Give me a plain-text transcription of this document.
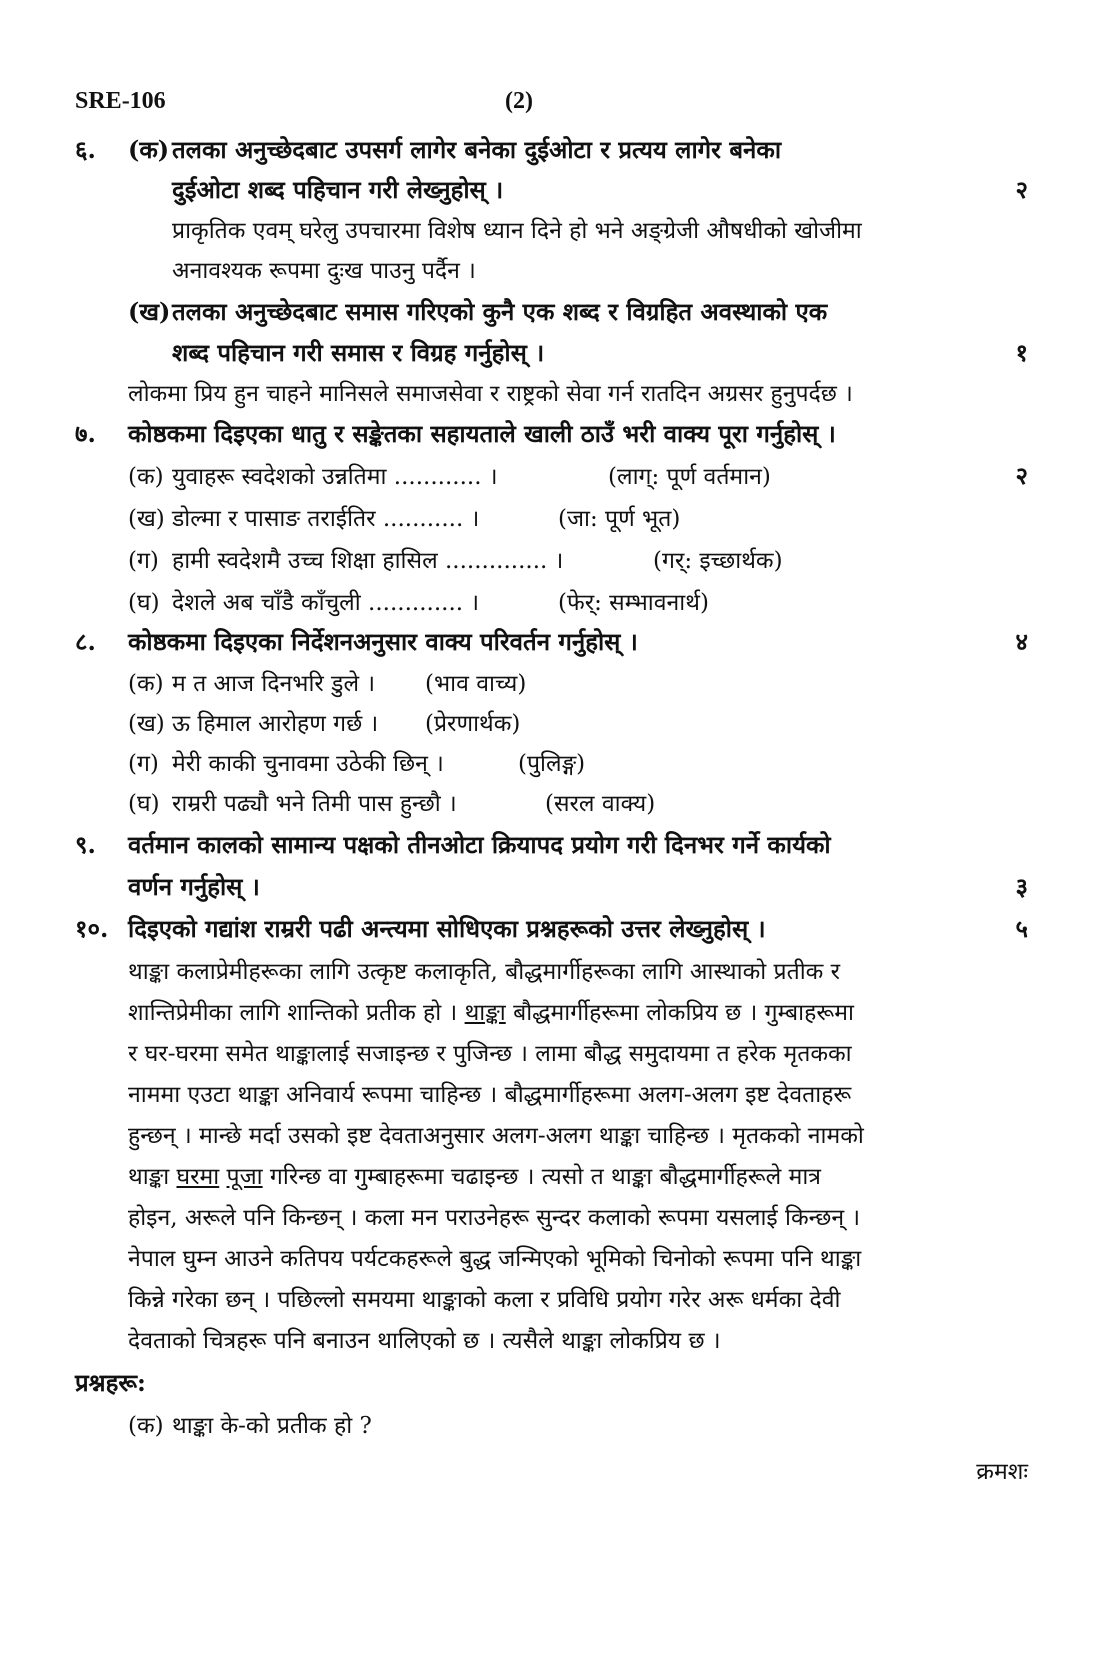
SRE-106	(2)
६. (क) तलका अनुच्छेदबाट उपसर्ग लागेर बनेका दुईओटा र प्रत्यय लागेर बनेका
दुईओटा शब्द पहिचान गरी लेख्नुहोस् ।	२
प्राकृतिक एवम् घरेलु उपचारमा विशेष ध्यान दिने हो भने अङ्ग्रेजी औषधीको खोजीमा
अनावश्यक रूपमा दुःख पाउनु पर्दैन ।
(ख) तलका अनुच्छेदबाट समास गरिएको कुनै एक शब्द र विग्रहित अवस्थाको एक
शब्द पहिचान गरी समास र विग्रह गर्नुहोस् ।	१
लोकमा प्रिय हुन चाहने मानिसले समाजसेवा र राष्ट्रको सेवा गर्न रातदिन अग्रसर हुनुपर्दछ ।
७. कोष्ठकमा दिइएका धातु र सङ्केतका सहायताले खाली ठाउँ भरी वाक्य पूरा गर्नुहोस् ।
(क) युवाहरू स्वदेशको उन्नतिमा ............ ।	(लाग्: पूर्ण वर्तमान)	२
(ख) डोल्मा र पासाङ तराईतिर ........... ।	(जा: पूर्ण भूत)
(ग) हामी स्वदेशमै उच्च शिक्षा हासिल .............. ।	(गर्: इच्छार्थक)
(घ) देशले अब चाँडै काँचुली ............. ।	(फेर्: सम्भावनार्थ)
८. कोष्ठकमा दिइएका निर्देशनअनुसार वाक्य परिवर्तन गर्नुहोस् ।	४
(क) म त आज दिनभरि डुले । (भाव वाच्य)
(ख) ऊ हिमाल आरोहण गर्छ । (प्रेरणार्थक)
(ग) मेरी काकी चुनावमा उठेकी छिन् ।	(पुलिङ्ग)
(घ) राम्ररी पढ्यौ भने तिमी पास हुन्छौ ।	(सरल वाक्य)
९. वर्तमान कालको सामान्य पक्षको तीनओटा क्रियापद प्रयोग गरी दिनभर गर्ने कार्यको
वर्णन गर्नुहोस् ।	३
१०. दिइएको गद्यांश राम्ररी पढी अन्त्यमा सोधिएका प्रश्नहरूको उत्तर लेख्नुहोस् ।	५
थाङ्का कलाप्रेमीहरूका लागि उत्कृष्ट कलाकृति, बौद्धमार्गीहरूका लागि आस्थाको प्रतीक र
शान्तिप्रेमीका लागि शान्तिको प्रतीक हो । थाङ्का बौद्धमार्गीहरूमा लोकप्रिय छ । गुम्बाहरूमा
र घर-घरमा समेत थाङ्कालाई सजाइन्छ र पुजिन्छ । लामा बौद्ध समुदायमा त हरेक मृतकका
नाममा एउटा थाङ्का अनिवार्य रूपमा चाहिन्छ । बौद्धमार्गीहरूमा अलग-अलग इष्ट देवताहरू
हुन्छन् । मान्छे मर्दा उसको इष्ट देवताअनुसार अलग-अलग थाङ्का चाहिन्छ । मृतकको नामको
थाङ्का घरमा पूजा गरिन्छ वा गुम्बाहरूमा चढाइन्छ । त्यसो त थाङ्का बौद्धमार्गीहरूले मात्र
होइन, अरूले पनि किन्छन् । कला मन पराउनेहरू सुन्दर कलाको रूपमा यसलाई किन्छन् ।
नेपाल घुम्न आउने कतिपय पर्यटकहरूले बुद्ध जन्मिएको भूमिको चिनोको रूपमा पनि थाङ्का
किन्ने गरेका छन् । पछिल्लो समयमा थाङ्काको कला र प्रविधि प्रयोग गरेर अरू धर्मका देवी
देवताको चित्रहरू पनि बनाउन थालिएको छ । त्यसैले थाङ्का लोकप्रिय छ ।
प्रश्नहरू:
(क) थाङ्का के-को प्रतीक हो ?
क्रमशः
